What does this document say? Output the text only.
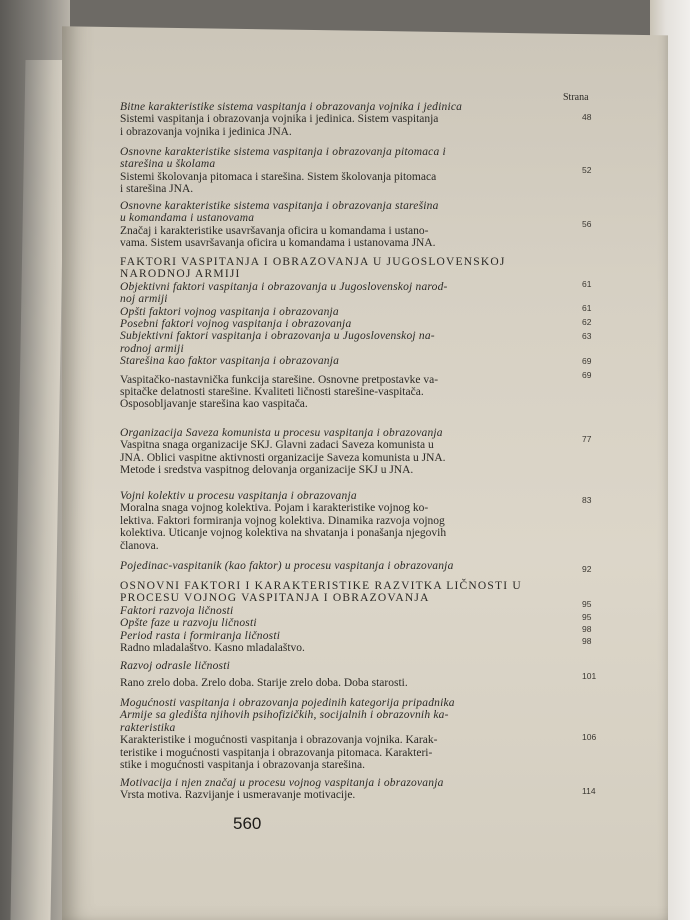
Strana
Bitne karakteristike sistema vaspitanja i obrazovanja vojnika i jedinica
Sistemi vaspitanja i obrazovanja vojnika i jedinica. Sistem vaspitanja
i obrazovanja vojnika i jedinica JNA.
48
Osnovne karakteristike sistema vaspitanja i obrazovanja pitomaca i
starešina u školama
Sistemi školovanja pitomaca i starešina. Sistem školovanja pitomaca
i starešina JNA.
52
Osnovne karakteristike sistema vaspitanja i obrazovanja starešina
u komandama i ustanovama
Značaj i karakteristike usavršavanja oficira u komandama i ustano-
vama. Sistem usavršavanja oficira u komandama i ustanovama JNA.
56
FAKTORI VASPITANJA I OBRAZOVANJA U JUGOSLOVENSKOJ
NARODNOJ ARMIJI
Objektivni faktori vaspitanja i obrazovanja u Jugoslovenskoj narod-
noj armiji
Opšti faktori vojnog vaspitanja i obrazovanja
Posebni faktori vojnog vaspitanja i obrazovanja
Subjektivni faktori vaspitanja i obrazovanja u Jugoslovenskoj na-
rodnoj armiji
Starešina kao faktor vaspitanja i obrazovanja
Vaspitačko-nastavnička funkcija starešine. Osnovne pretpostavke va-
spitačke delatnosti starešine. Kvaliteti ličnosti starešine-vaspitača.
Osposobljavanje starešina kao vaspitača.
61
61
62
63
69
69
Organizacija Saveza komunista u procesu vaspitanja i obrazovanja
Vaspitna snaga organizacije SKJ. Glavni zadaci Saveza komunista u
JNA. Oblici vaspitne aktivnosti organizacije Saveza komunista u JNA.
Metode i sredstva vaspitnog delovanja organizacije SKJ u JNA.
77
Vojni kolektiv u procesu vaspitanja i obrazovanja
Moralna snaga vojnog kolektiva. Pojam i karakteristike vojnog ko-
lektiva. Faktori formiranja vojnog kolektiva. Dinamika razvoja vojnog
kolektiva. Uticanje vojnog kolektiva na shvatanja i ponašanja njegovih
članova.
83
Pojedinac-vaspitanik (kao faktor) u procesu vaspitanja i obrazovanja	92
OSNOVNI FAKTORI I KARAKTERISTIKE RAZVITKA LIČNOSTI U
PROCESU VOJNOG VASPITANJA I OBRAZOVANJA
Faktori razvoja ličnosti
Opšte faze u razvoju ličnosti
Period rasta i formiranja ličnosti
Radno mladalaštvo. Kasno mladalaštvo.
95
95
98
98
Razvoj odrasle ličnosti
Rano zrelo doba. Zrelo doba. Starije zrelo doba. Doba starosti.
101
Mogućnosti vaspitanja i obrazovanja pojedinih kategorija pripadnika
Armije sa gledišta njihovih psihofizičkih, socijalnih i obrazovnih ka-
rakteristika
Karakteristike i mogućnosti vaspitanja i obrazovanja vojnika. Karak-
teristike i mogućnosti vaspitanja i obrazovanja pitomaca. Karakteri-
stike i mogućnosti vaspitanja i obrazovanja starešina.
106
Motivacija i njen značaj u procesu vojnog vaspitanja i obrazovanja
Vrsta motiva. Razvijanje i usmeravanje motivacije.	114
560
